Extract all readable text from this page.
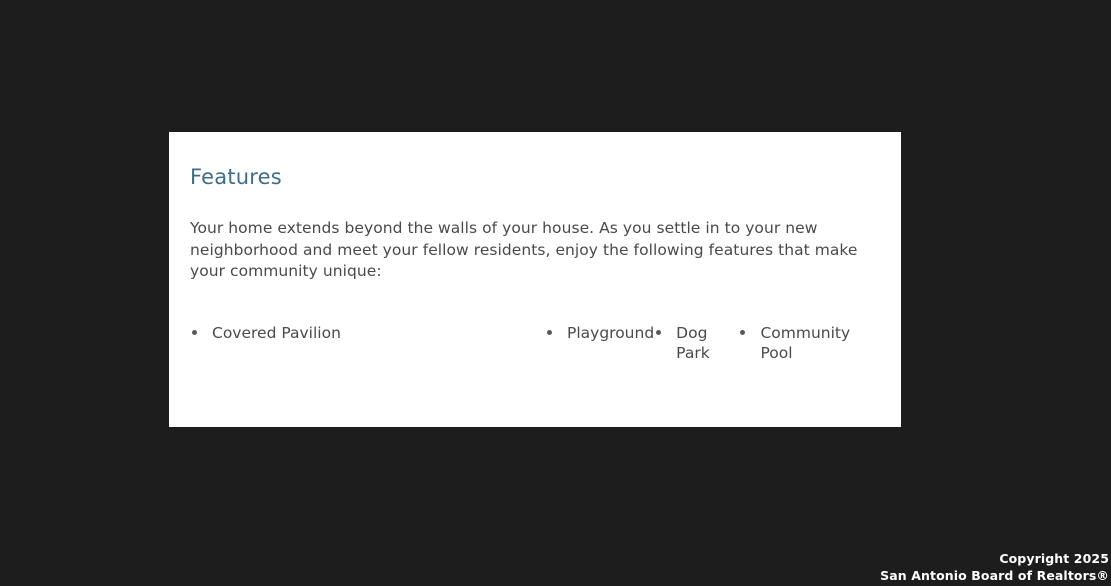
Features

Your home extends beyond the walls of your house. As you settle in to your new neighborhood and meet your fellow residents, enjoy the following features that make your community unique:

Covered Pavilion	Playground Dog Park
Community Pool
Copyright 2025
San Antonio Board of Realtors®
